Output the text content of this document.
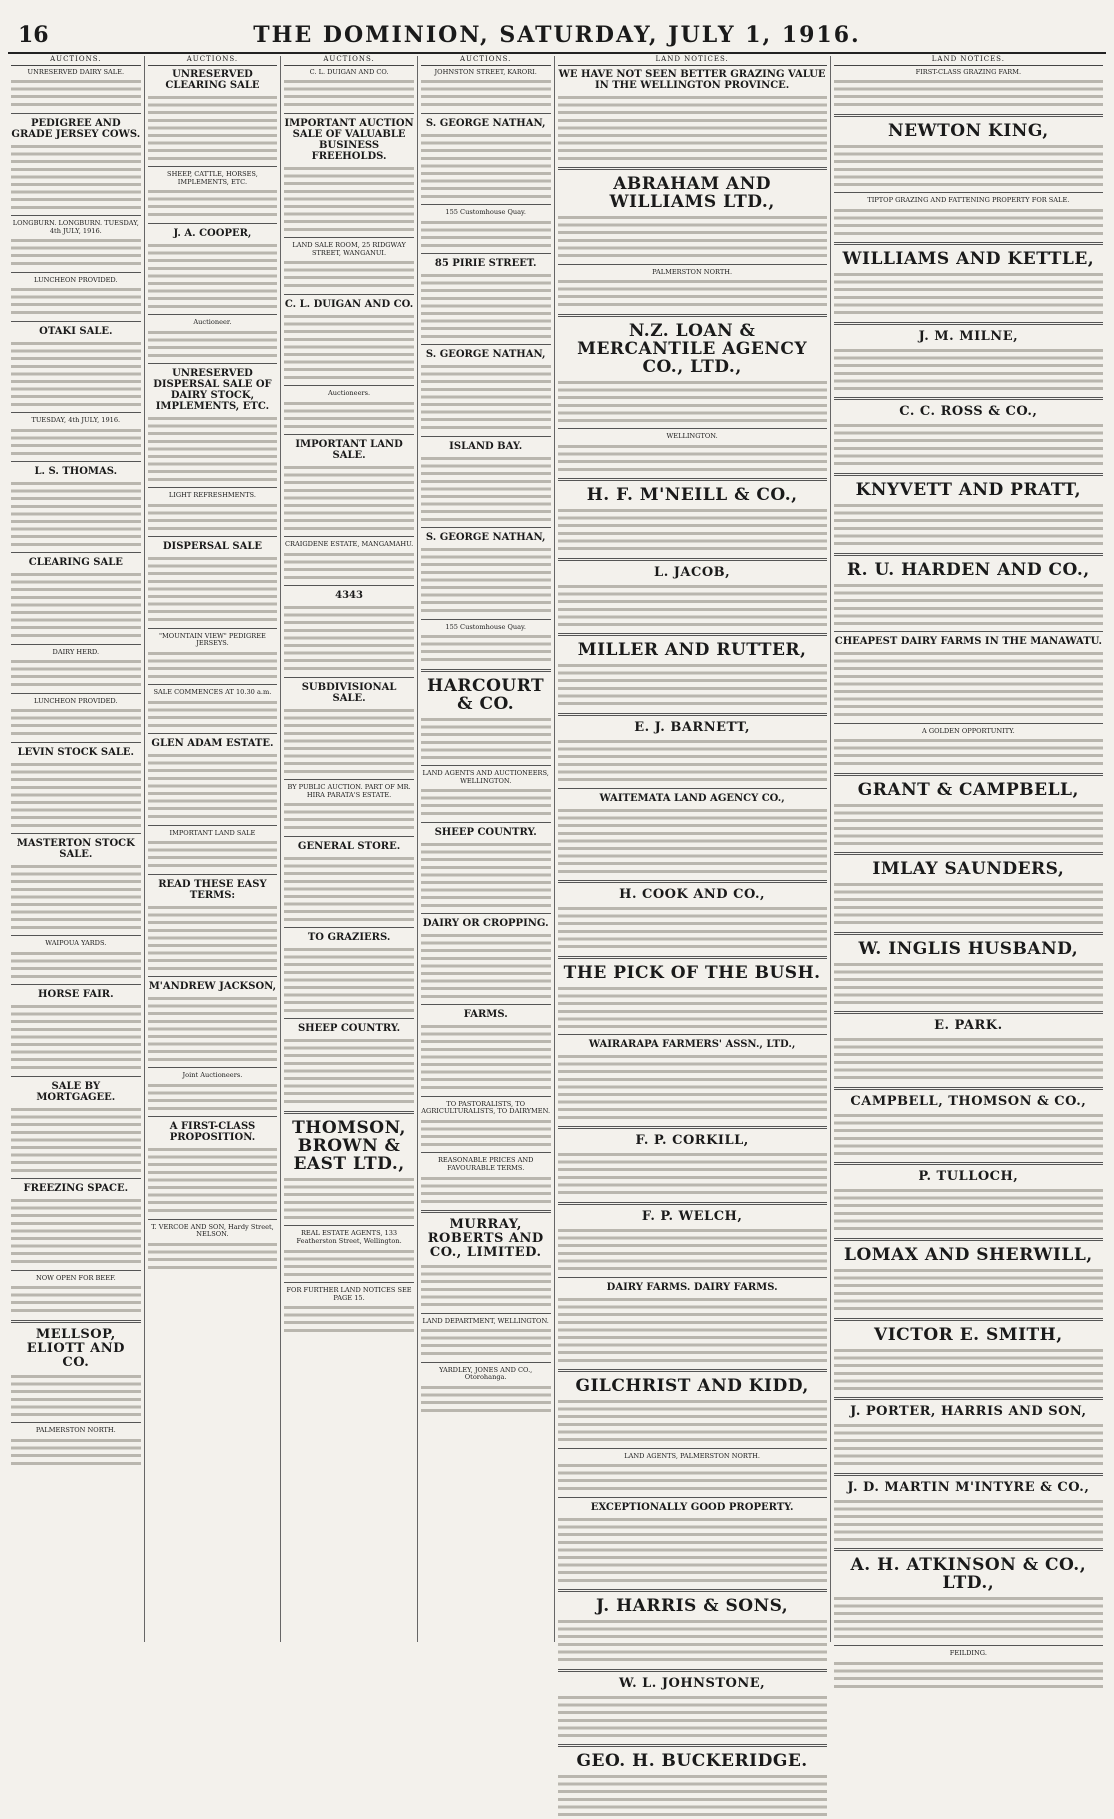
16	THE DOMINION, SATURDAY, JULY 1, 1916.
AUCTIONS.
UNRESERVED DAIRY SALE.
PEDIGREE AND GRADE JERSEY COWS.
LONGBURN. LONGBURN. TUESDAY, 4th JULY, 1916.
LUNCHEON PROVIDED.
OTAKI SALE.
TUESDAY, 4th JULY, 1916.
L. S. THOMAS.
CLEARING SALE
DAIRY HERD.
LUNCHEON PROVIDED.
LEVIN STOCK SALE.
MASTERTON STOCK SALE.
WAIPOUA YARDS.
HORSE FAIR.
SALE BY MORTGAGEE.
FREEZING SPACE.
NOW OPEN FOR BEEF.
MELLSOP, ELIOTT AND CO.
PALMERSTON NORTH.
AUCTIONS.
UNRESERVED CLEARING SALE
SHEEP, CATTLE, HORSES, IMPLEMENTS, ETC.
J. A. COOPER,
Auctioneer.
UNRESERVED DISPERSAL SALE OF DAIRY STOCK, IMPLEMENTS, ETC.
LIGHT REFRESHMENTS.
DISPERSAL SALE
"MOUNTAIN VIEW" PEDIGREE JERSEYS.
SALE COMMENCES AT 10.30 a.m.
GLEN ADAM ESTATE.
IMPORTANT LAND SALE
READ THESE EASY TERMS:
M'ANDREW JACKSON,
Joint Auctioneers.
A FIRST-CLASS PROPOSITION.
T. VERCOE AND SON, Hardy Street, NELSON.
AUCTIONS.
C. L. DUIGAN AND CO.
IMPORTANT AUCTION SALE OF VALUABLE BUSINESS FREEHOLDS.
LAND SALE ROOM, 25 RIDGWAY STREET, WANGANUI.
C. L. DUIGAN AND CO.
Auctioneers.
IMPORTANT LAND SALE.
CRAIGDENE ESTATE, MANGAMAHU.
4343
SUBDIVISIONAL SALE.
BY PUBLIC AUCTION. PART OF MR. HIRA PARATA'S ESTATE.
GENERAL STORE.
TO GRAZIERS.
SHEEP COUNTRY.
THOMSON, BROWN & EAST LTD.,
REAL ESTATE AGENTS, 133 Featherston Street, Wellington.
FOR FURTHER LAND NOTICES SEE PAGE 15.
AUCTIONS.
JOHNSTON STREET, KARORI.
S. GEORGE NATHAN,
155 Customhouse Quay.
85 PIRIE STREET.
S. GEORGE NATHAN,
ISLAND BAY.
S. GEORGE NATHAN,
155 Customhouse Quay.
HARCOURT & CO.
LAND AGENTS AND AUCTIONEERS, WELLINGTON.
SHEEP COUNTRY.
DAIRY OR CROPPING.
FARMS.
TO PASTORALISTS, TO AGRICULTURALISTS, TO DAIRYMEN.
REASONABLE PRICES AND FAVOURABLE TERMS.
MURRAY, ROBERTS AND CO., LIMITED.
LAND DEPARTMENT, WELLINGTON.
YARDLEY, JONES AND CO., Otorohanga.
LAND NOTICES.
WE HAVE NOT SEEN BETTER GRAZING VALUE IN THE WELLINGTON PROVINCE.
ABRAHAM AND WILLIAMS LTD.,
PALMERSTON NORTH.
N.Z. LOAN & MERCANTILE AGENCY CO., LTD.,
WELLINGTON.
H. F. M'NEILL & CO.,
L. JACOB,
MILLER AND RUTTER,
E. J. BARNETT,
WAITEMATA LAND AGENCY CO.,
H. COOK AND CO.,
THE PICK OF THE BUSH.
WAIRARAPA FARMERS' ASSN., LTD.,
F. P. CORKILL,
F. P. WELCH,
DAIRY FARMS. DAIRY FARMS.
GILCHRIST AND KIDD,
LAND AGENTS, PALMERSTON NORTH.
EXCEPTIONALLY GOOD PROPERTY.
J. HARRIS & SONS,
W. L. JOHNSTONE,
GEO. H. BUCKERIDGE.
LAND NOTICES.
FIRST-CLASS GRAZING FARM.
NEWTON KING,
TIPTOP GRAZING AND FATTENING PROPERTY FOR SALE.
WILLIAMS AND KETTLE,
J. M. MILNE,
C. C. ROSS & CO.,
KNYVETT AND PRATT,
R. U. HARDEN AND CO.,
CHEAPEST DAIRY FARMS IN THE MANAWATU.
A GOLDEN OPPORTUNITY.
GRANT & CAMPBELL,
IMLAY SAUNDERS,
W. INGLIS HUSBAND,
E. PARK.
CAMPBELL, THOMSON & CO.,
P. TULLOCH,
LOMAX AND SHERWILL,
VICTOR E. SMITH,
J. PORTER, HARRIS AND SON,
J. D. MARTIN M'INTYRE & CO.,
A. H. ATKINSON & CO., LTD.,
FEILDING.
